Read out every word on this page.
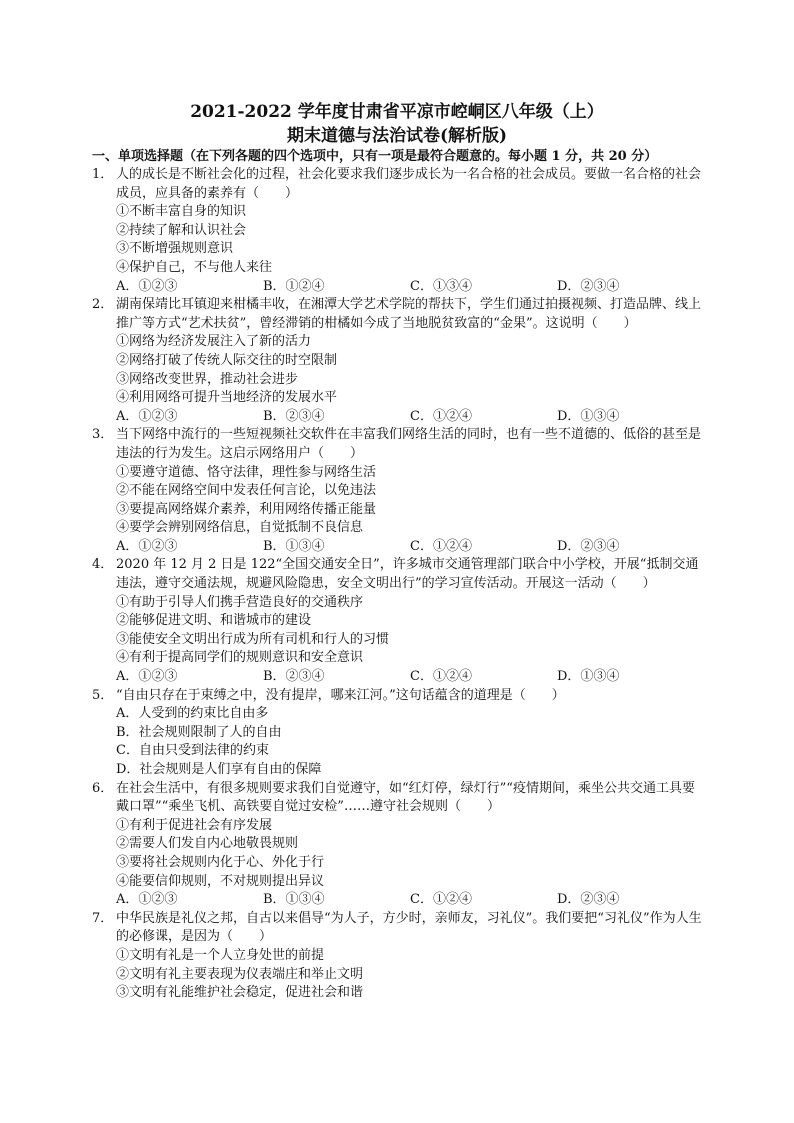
2021-2022 学年度甘肃省平凉市崆峒区八年级（上）
期末道德与法治试卷(解析版)
一、单项选择题（在下列各题的四个选项中，只有一项是最符合题意的。每小题 1 分，共 20 分）
1． 人的成长是不断社会化的过程，社会化要求我们逐步成长为一名合格的社会成员。要做一名合格的社会成员，应具备的素养有（　　）
①不断丰富自身的知识
②持续了解和认识社会
③不断增强规则意识
④保护自己，不与他人来往
A．①②③	B．①②④	C．①③④	D．②③④
2． 湖南保靖比耳镇迎来柑橘丰收，在湘潭大学艺术学院的帮扶下，学生们通过拍摄视频、打造品牌、线上推广等方式“艺术扶贫”，曾经滞销的柑橘如今成了当地脱贫致富的“金果”。这说明（　　）
①网络为经济发展注入了新的活力
②网络打破了传统人际交往的时空限制
③网络改变世界，推动社会进步
④利用网络可提升当地经济的发展水平
A．①②③	B．②③④	C．①②④	D．①③④
3． 当下网络中流行的一些短视频社交软件在丰富我们网络生活的同时，也有一些不道德的、低俗的甚至是违法的行为发生。这启示网络用户（　　）
①要遵守道德、恪守法律，理性参与网络生活
②不能在网络空间中发表任何言论，以免违法
③要提高网络媒介素养，利用网络传播正能量
④要学会辨别网络信息，自觉抵制不良信息
A．①②③	B．①③④	C．①②④	D．②③④
4． 2020 年 12 月 2 日是 122“全国交通安全日”，许多城市交通管理部门联合中小学校，开展“抵制交通违法，遵守交通法规，规避风险隐患，安全文明出行”的学习宣传活动。开展这一活动（　　）
①有助于引导人们携手营造良好的交通秩序
②能够促进文明、和谐城市的建设
③能使安全文明出行成为所有司机和行人的习惯
④有利于提高同学们的规则意识和安全意识
A．①②③	B．②③④	C．①②④	D．①③④
5． “自由只存在于束缚之中，没有提岸，哪来江河。”这句话蕴含的道理是（　　）
A．人受到的约束比自由多
B．社会规则限制了人的自由
C．自由只受到法律的约束
D．社会规则是人们享有自由的保障
6． 在社会生活中，有很多规则要求我们自觉遵守，如“红灯停，绿灯行”“疫情期间，乘坐公共交通工具要戴口罩”“乘坐飞机、高铁要自觉过安检”……遵守社会规则（　　）
①有利于促进社会有序发展
②需要人们发自内心地敬畏规则
③要将社会规则内化于心、外化于行
④能要信仰规则，不对规则提出异议
A．①②③	B．①③④	C．①②④	D．②③④
7． 中华民族是礼仪之邦，自古以来倡导“为人子，方少时，亲师友，习礼仪”。我们要把“习礼仪”作为人生的必修课，是因为（　　）
①文明有礼是一个人立身处世的前提
②文明有礼主要表现为仪表端庄和举止文明
③文明有礼能维护社会稳定，促进社会和谐
